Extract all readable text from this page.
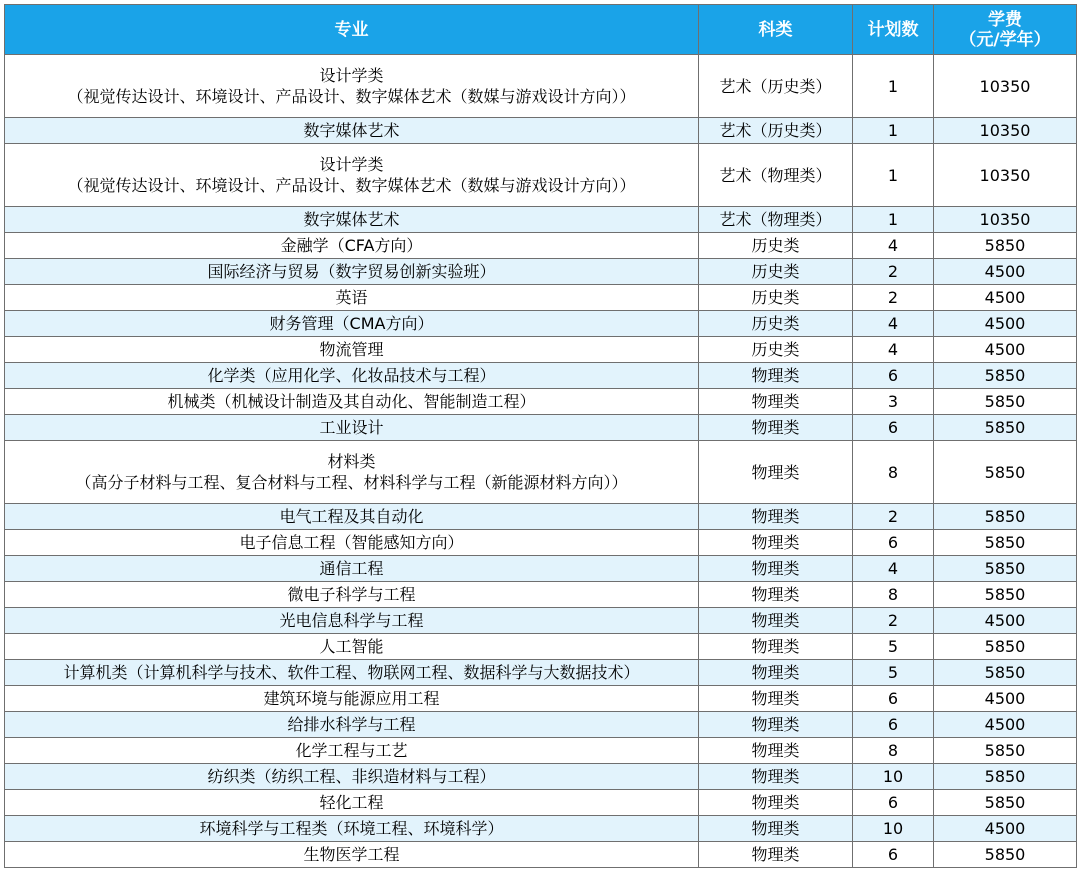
专业	科类	计划数	学费
（元/学年）

设计学类
（视觉传达设计、环境设计、产品设计、数字媒体艺术（数媒与游戏设计方向））	艺术（历史类）	1	10350

数字媒体艺术	艺术（历史类）	1	10350

设计学类
（视觉传达设计、环境设计、产品设计、数字媒体艺术（数媒与游戏设计方向））	艺术（物理类）	1	10350

数字媒体艺术	艺术（物理类）	1	10350

金融学（CFA方向）	历史类	4	5850

国际经济与贸易（数字贸易创新实验班）	历史类	2	4500

英语	历史类	2	4500

财务管理（CMA方向）	历史类	4	4500

物流管理	历史类	4	4500

化学类（应用化学、化妆品技术与工程）	物理类	6	5850

机械类（机械设计制造及其自动化、智能制造工程）	物理类	3	5850

工业设计	物理类	6	5850

材料类
（高分子材料与工程、复合材料与工程、材料科学与工程（新能源材料方向））	物理类	8	5850

电气工程及其自动化	物理类	2	5850

电子信息工程（智能感知方向）	物理类	6	5850

通信工程	物理类	4	5850

微电子科学与工程	物理类	8	5850

光电信息科学与工程	物理类	2	4500

人工智能	物理类	5	5850

计算机类（计算机科学与技术、软件工程、物联网工程、数据科学与大数据技术）	物理类	5	5850

建筑环境与能源应用工程	物理类	6	4500

给排水科学与工程	物理类	6	4500

化学工程与工艺	物理类	8	5850

纺织类（纺织工程、非织造材料与工程）	物理类	10	5850

轻化工程	物理类	6	5850

环境科学与工程类（环境工程、环境科学）	物理类	10	4500

生物医学工程	物理类	6	5850
